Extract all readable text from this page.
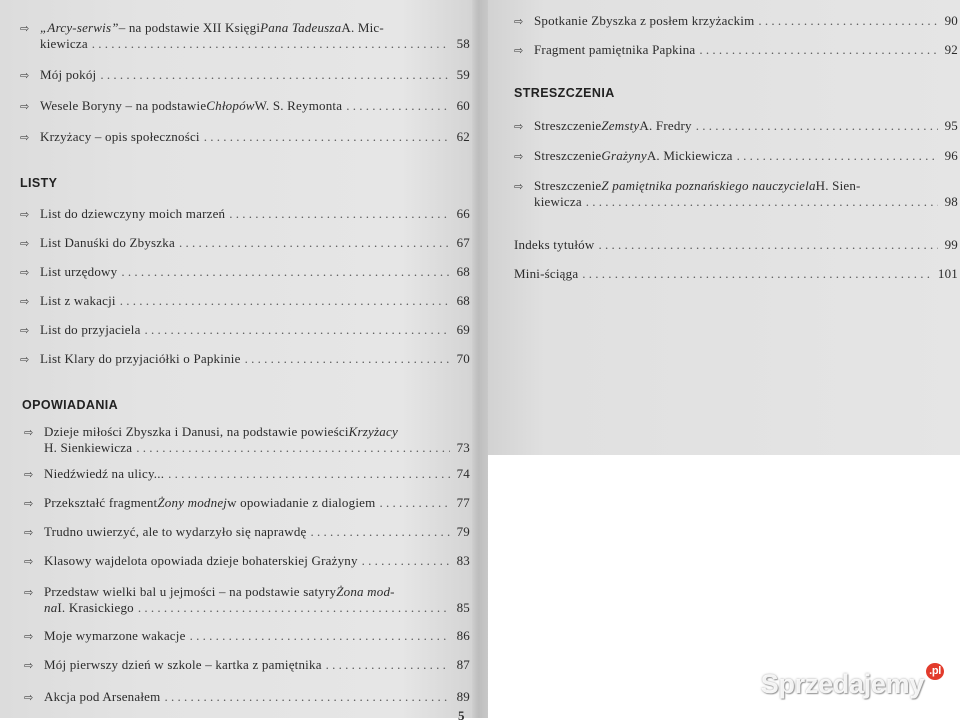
⇨ „Arcy-serwis” – na podstawie XII Księgi Pana Tadeusza A. Mic-
kiewicza . . .	58
⇨ Mój pokój . . .	59
⇨ Wesele Boryny – na podstawie Chłopów W. S. Reymonta . . .	60
⇨ Krzyżacy – opis społeczności . . .	62
LISTY
⇨ List do dziewczyny moich marzeń . . .	66
⇨ List Danuśki do Zbyszka . . .	67
⇨ List urzędowy . . .	68
⇨ List z wakacji . . .	68
⇨ List do przyjaciela . . .	69
⇨ List Klary do przyjaciółki o Papkinie . . .	70
OPOWIADANIA
⇨ Dzieje miłości Zbyszka i Danusi, na podstawie powieści Krzyżacy
H. Sienkiewicza . . .	73
⇨ Niedźwiedź na ulicy... . . .	74
⇨ Przekształć fragment Żony modnej w opowiadanie z dialogiem . . .	77
⇨ Trudno uwierzyć, ale to wydarzyło się naprawdę . . .	79
⇨ Klasowy wajdelota opowiada dzieje bohaterskiej Grażyny . . .	83
⇨ Przedstaw wielki bal u jejmości – na podstawie satyry Żona mod-
na I. Krasickiego . . .	85
⇨ Moje wymarzone wakacje . . .	86
⇨ Mój pierwszy dzień w szkole – kartka z pamiętnika . . .	87
⇨ Akcja pod Arsenałem . . .	89
5
⇨ Spotkanie Zbyszka z posłem krzyżackim . . .	90
⇨ Fragment pamiętnika Papkina . . .	92
STRESZCZENIA
⇨ Streszczenie Zemsty A. Fredry . . .	95
⇨ Streszczenie Grażyny A. Mickiewicza . . .	96
⇨ Streszczenie Z pamiętnika poznańskiego nauczyciela H. Sien-
kiewicza . . .	98
Indeks tytułów . . .	99
Mini-ściąga . . .	101
Sprzedajemy .pl
